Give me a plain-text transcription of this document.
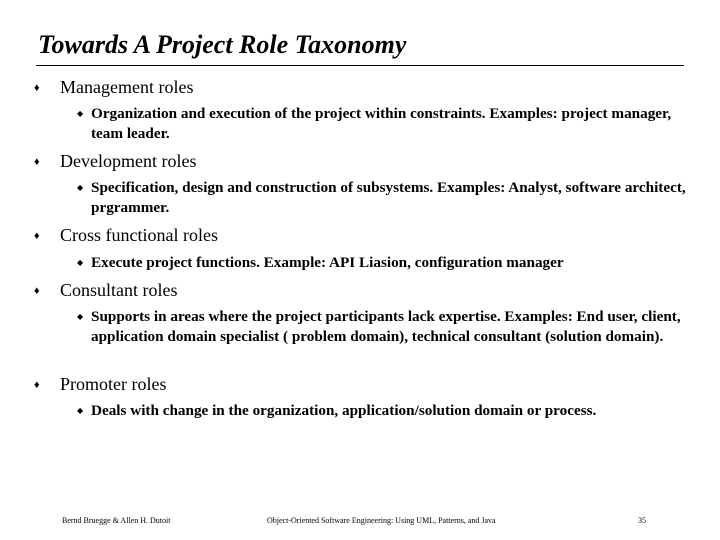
Towards A Project Role Taxonomy
♦ Management roles
◆ Organization and execution of the project within constraints. Examples: project manager, team leader.
♦ Development roles
◆ Specification, design and construction of subsystems. Examples: Analyst, software architect, prgrammer.
♦ Cross functional roles
◆ Execute project functions. Example: API Liasion, configuration manager
♦ Consultant roles
◆ Supports in areas where the project participants lack expertise. Examples: End user, client, application domain specialist ( problem domain), technical consultant (solution domain).
♦ Promoter roles
◆ Deals with change in the organization, application/solution domain or process.
Bernd Bruegge & Allen H. Dutoit	Object-Oriented Software Engineering: Using UML, Patterns, and Java	35
